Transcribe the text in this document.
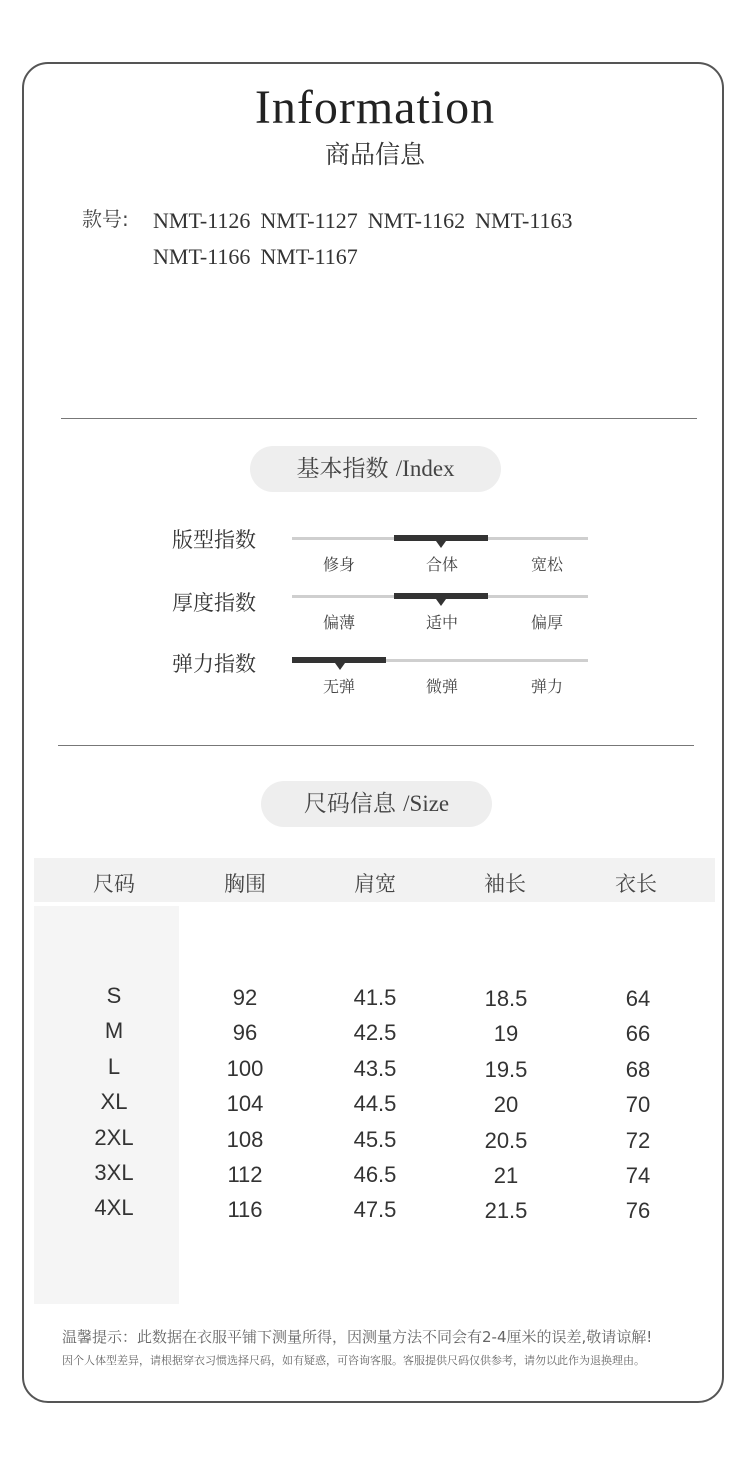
Information
商品信息
款号: NMT-1126 NMT-1127 NMT-1162 NMT-1163
NMT-1166 NMT-1167
基本指数 /Index
版型指数
修身	合体	宽松
厚度指数
偏薄	适中	偏厚
弹力指数
无弹	微弹	弹力
尺码信息 /Size
尺码	胸围	肩宽	袖长	衣长
S	92	41.5	18.5	64
M	96	42.5	19	66
L	100	43.5	19.5	68
XL	104	44.5	20	70
2XL	108	45.5	20.5	72
3XL	112	46.5	21	74
4XL	116	47.5	21.5	76
温馨提示：此数据在衣服平铺下测量所得，因测量方法不同会有2-4厘米的误差,敬请谅解!
因个人体型差异，请根据穿衣习惯选择尺码，如有疑惑，可咨询客服。客服提供尺码仅供参考，请勿以此作为退换理由。
